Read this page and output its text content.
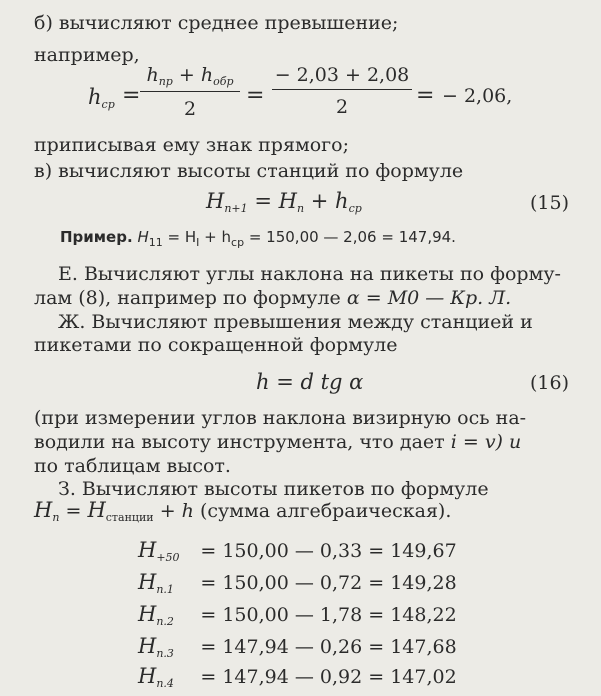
б) вычисляют среднее превышение;
например,
$h_{ср}$ =
$h_{пр} + h_{обр}$
2
= $\frac{- 2,03 + 2,08}{2}$ = − 2,06,
приписывая ему знак прямого;
в) вычисляют высоты станций по формуле
$H_{n+1} = H_n + h_{ср}$	(15)
Пример. $H_{11} = H_I + h_{ср} = 150,00$ — 2,06 = 147,94.
Е. Вычисляют углы наклона на пикеты по форму-
лам (8), например по формуле α = М0 — Кр. Л.
Ж. Вычисляют превышения между станцией и
пикетами по сокращенной формуле
h = d tg α	(16)
(при измерении углов наклона визирную ось на-
водили на высоту инструмента, что дает i = v) и
по таблицам высот.
З. Вычисляют высоты пикетов по формуле
$H_п = H_{станции} + h$ (сумма алгебраическая).
H+50 = 150,00 — 0,33 = 149,67
Hп.1 = 150,00 — 0,72 = 149,28
Hп.2 = 150,00 — 1,78 = 148,22
Hп.3 = 147,94 — 0,26 = 147,68
Hп.4 = 147,94 — 0,92 = 147,02
